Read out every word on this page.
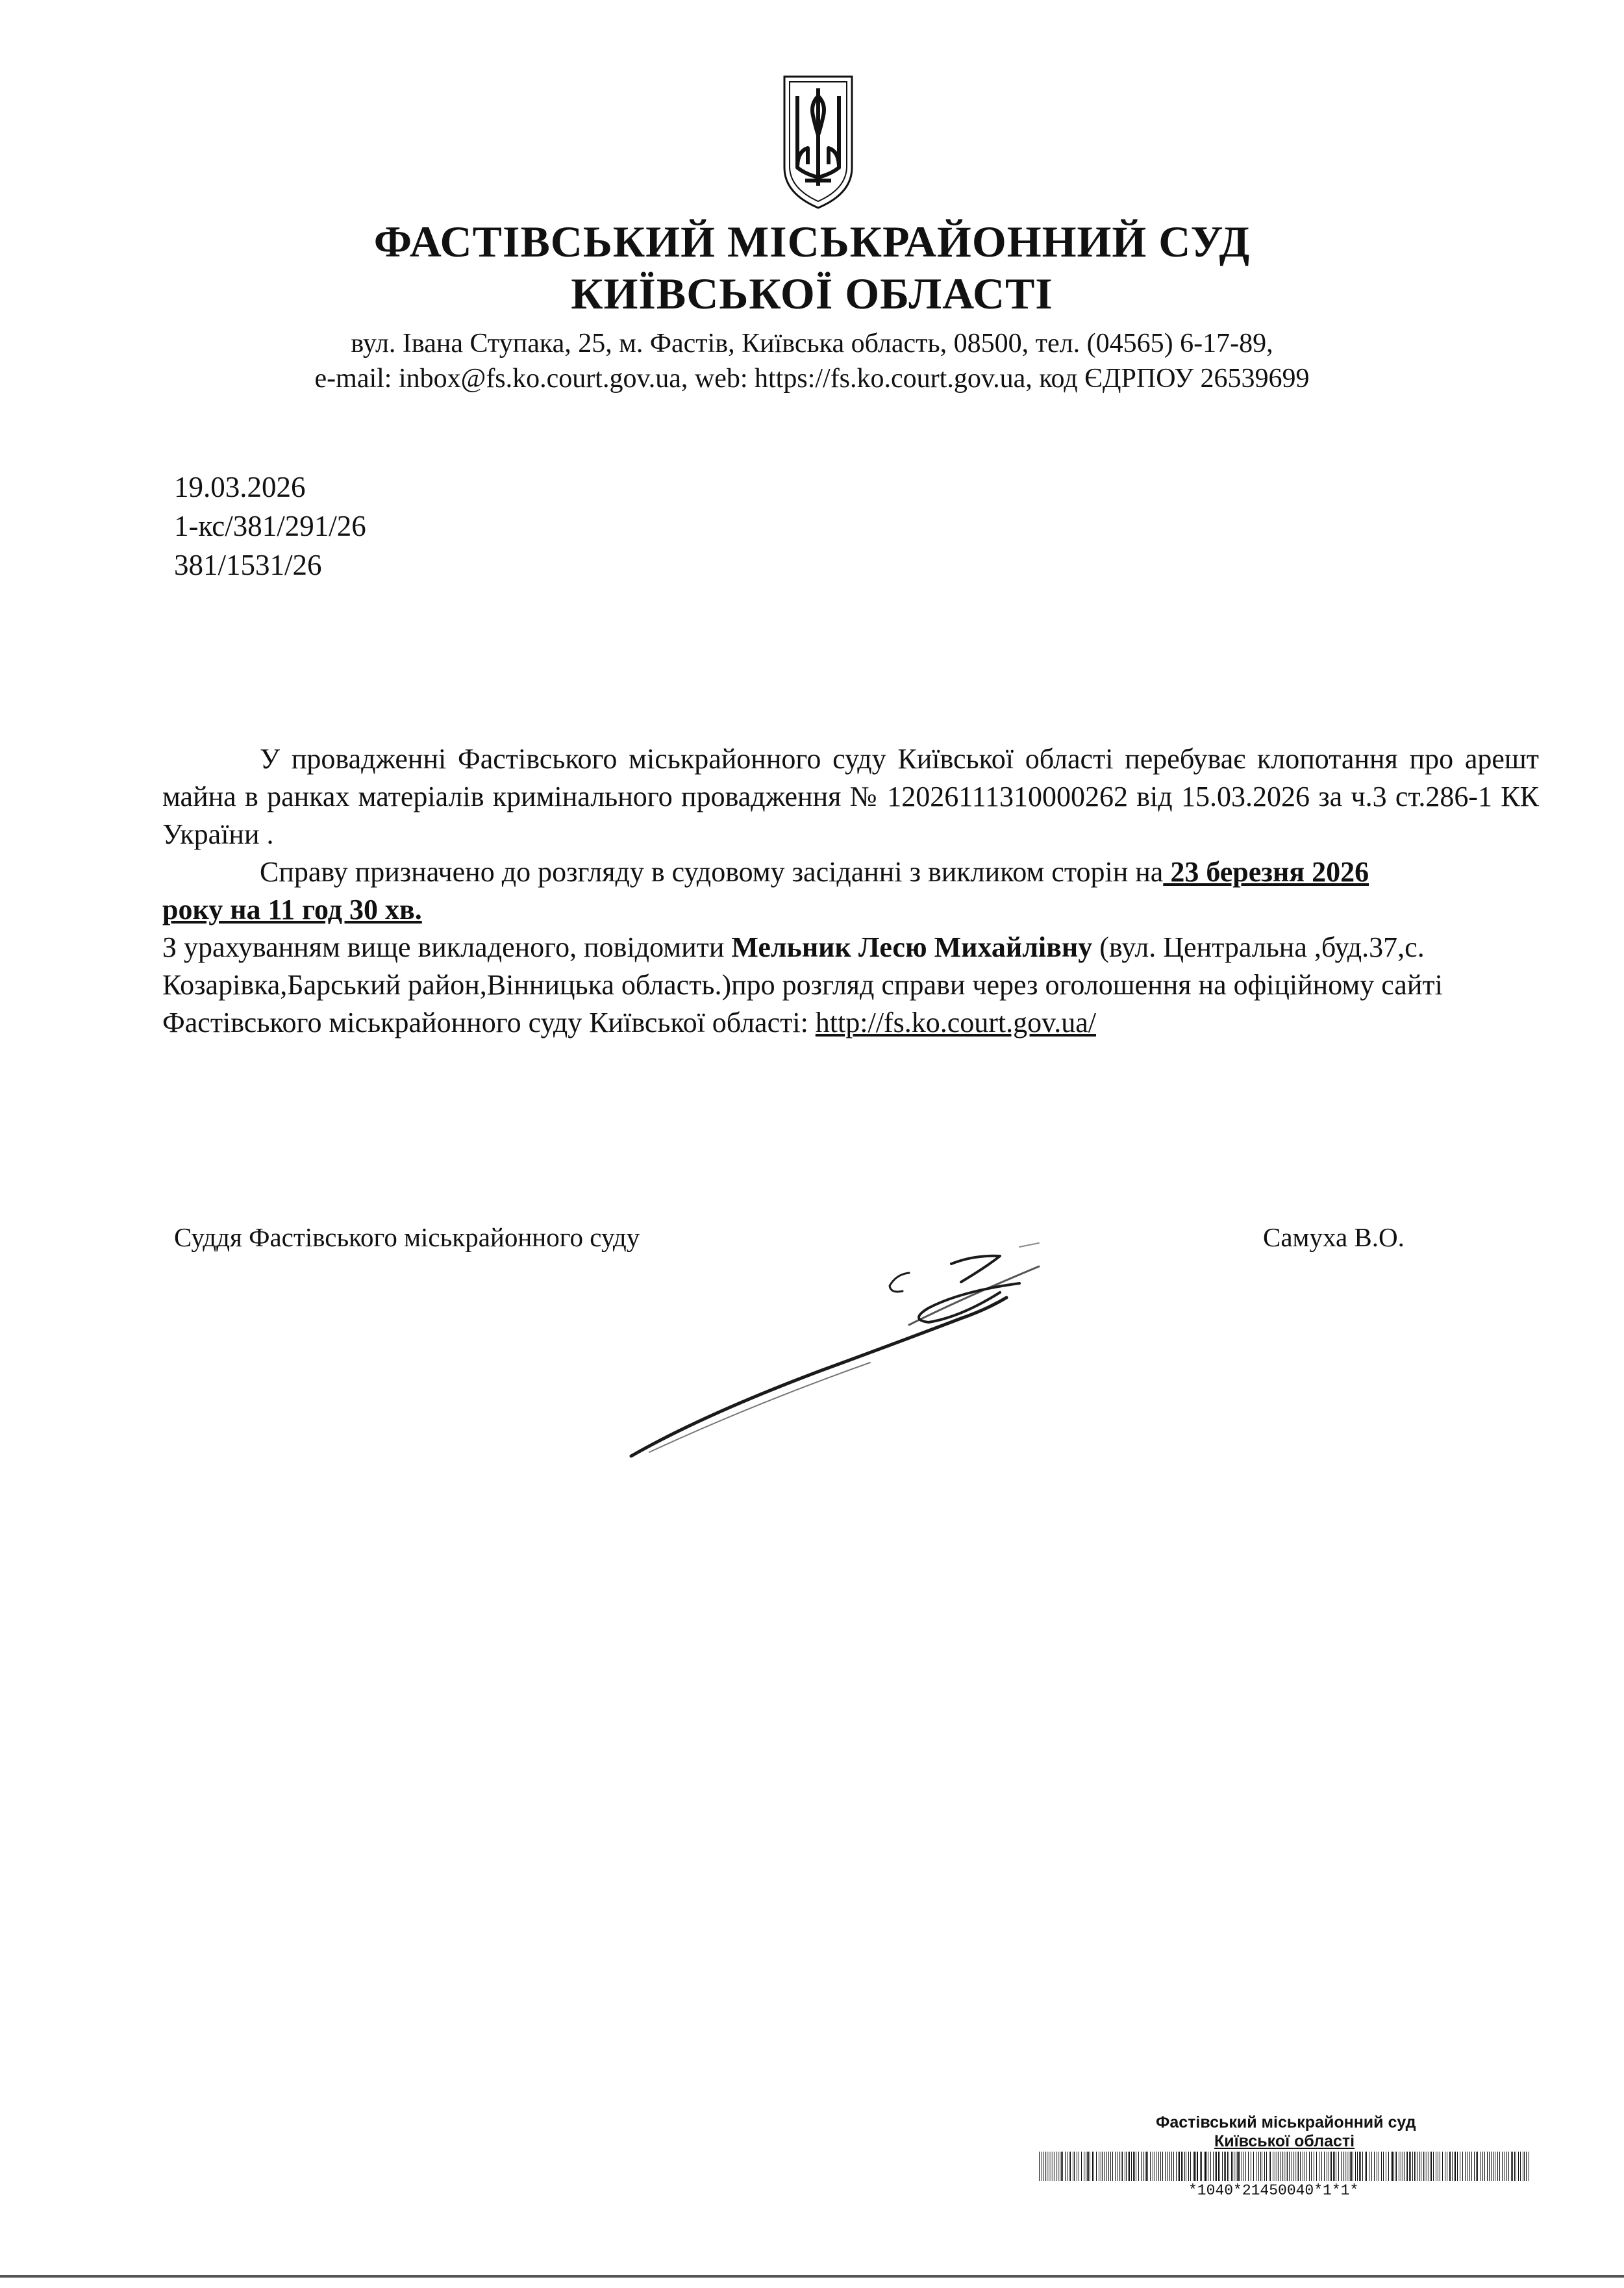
ФАСТІВСЬКИЙ МІСЬКРАЙОННИЙ СУД
КИЇВСЬКОЇ ОБЛАСТІ
вул. Івана Ступака, 25, м. Фастів, Київська область, 08500, тел. (04565) 6-17-89,
e-mail: inbox@fs.ko.court.gov.ua, web: https://fs.ko.court.gov.ua, код ЄДРПОУ 26539699
19.03.2026
1-кс/381/291/26
381/1531/26
У провадженні Фастівського міськрайонного суду Київської області перебуває клопотання про арешт майна в ранках матеріалів кримінального провадження № 12026111310000262 від 15.03.2026 за ч.3 ст.286-1 КК України .
Справу призначено до розгляду в судовому засіданні з викликом сторін на 23 березня 2026
року на 11 год 30 хв.
З урахуванням вище викладеного, повідомити Мельник Лесю Михайлівну (вул. Центральна ,буд.37,с. Козарівка,Барський район,Вінницька область.)про розгляд справи через оголошення на офіційному сайті Фастівського міськрайонного суду Київської області: http://fs.ko.court.gov.ua/
Суддя Фастівського міськрайонного суду	Самуха В.О.
Фастівський міськрайонний суд
Київської області
*1040*21450040*1*1*
